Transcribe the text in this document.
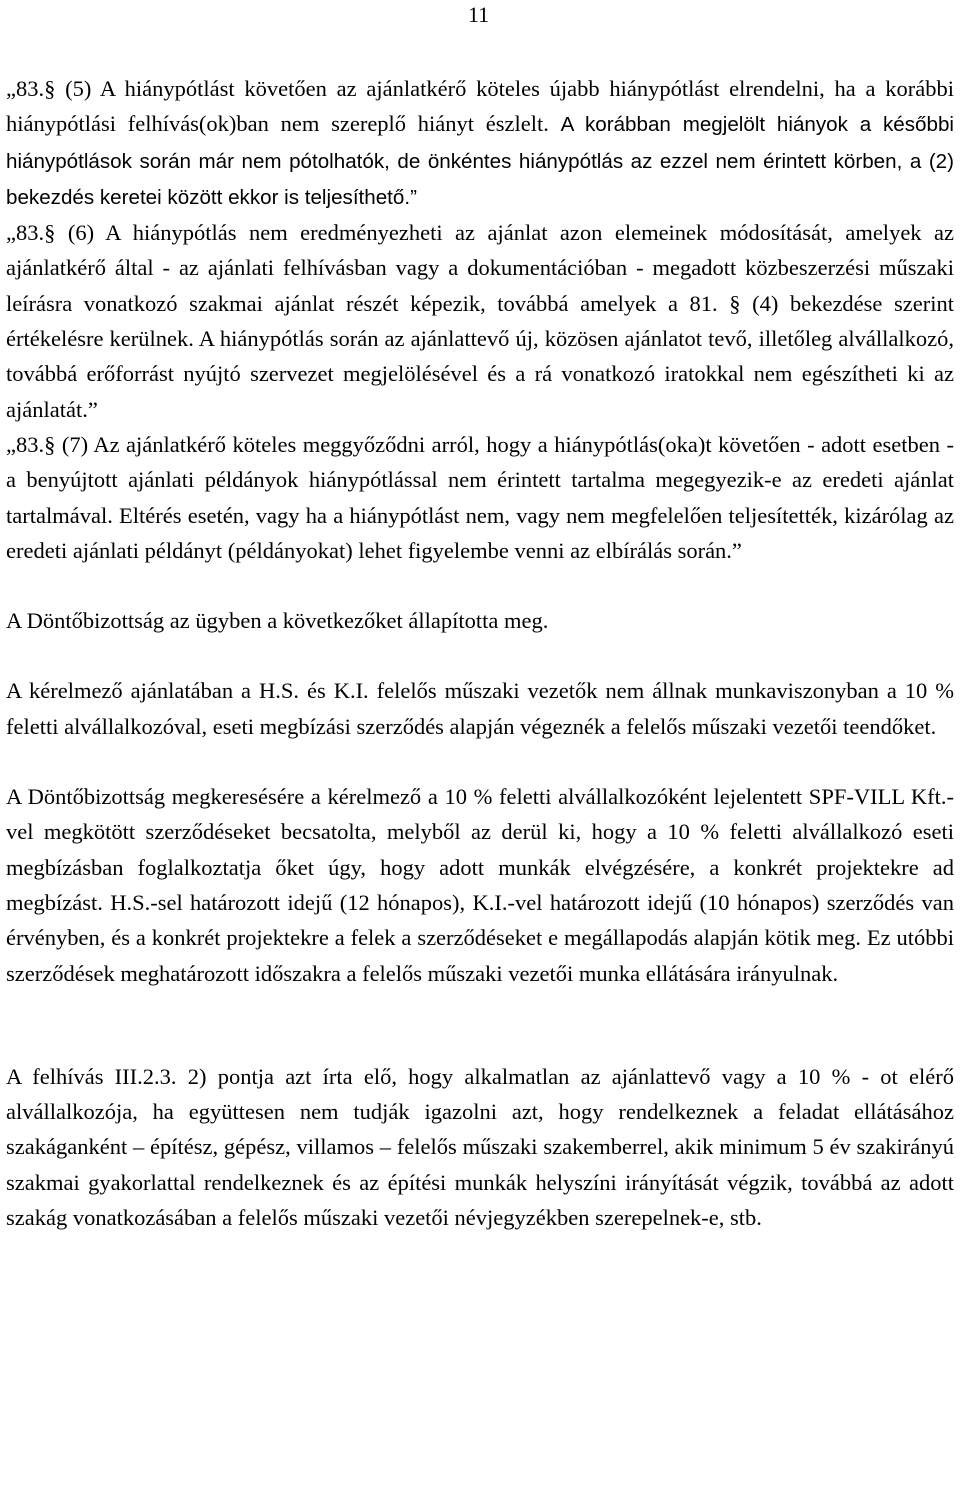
11

„83.§ (5) A hiánypótlást követően az ajánlatkérő köteles újabb hiánypótlást elrendelni, ha a korábbi hiánypótlási felhívás(ok)ban nem szereplő hiányt észlelt. A korábban megjelölt hiányok a későbbi hiánypótlások során már nem pótolhatók, de önkéntes hiánypótlás az ezzel nem érintett körben, a (2) bekezdés keretei között ekkor is teljesíthető.”

„83.§ (6) A hiánypótlás nem eredményezheti az ajánlat azon elemeinek módosítását, amelyek az ajánlatkérő által - az ajánlati felhívásban vagy a dokumentációban - megadott közbeszerzési műszaki leírásra vonatkozó szakmai ajánlat részét képezik, továbbá amelyek a 81. § (4) bekezdése szerint értékelésre kerülnek. A hiánypótlás során az ajánlattevő új, közösen ajánlatot tevő, illetőleg alvállalkozó, továbbá erőforrást nyújtó szervezet megjelölésével és a rá vonatkozó iratokkal nem egészítheti ki az ajánlatát.”

„83.§ (7) Az ajánlatkérő köteles meggyőződni arról, hogy a hiánypótlás(oka)t követően - adott esetben - a benyújtott ajánlati példányok hiánypótlással nem érintett tartalma megegyezik-e az eredeti ajánlat tartalmával. Eltérés esetén, vagy ha a hiánypótlást nem, vagy nem megfelelően teljesítették, kizárólag az eredeti ajánlati példányt (példányokat) lehet figyelembe venni az elbírálás során.”

A Döntőbizottság az ügyben a következőket állapította meg.

A kérelmező ajánlatában a H.S. és K.I. felelős műszaki vezetők nem állnak munkaviszonyban a 10 % feletti alvállalkozóval, eseti megbízási szerződés alapján végeznék a felelős műszaki vezetői teendőket.

A Döntőbizottság megkeresésére a kérelmező a 10 % feletti alvállalkozóként lejelentett SPF-VILL Kft.-vel megkötött szerződéseket becsatolta, melyből az derül ki, hogy a 10 % feletti alvállalkozó eseti megbízásban foglalkoztatja őket úgy, hogy adott munkák elvégzésére, a konkrét projektekre ad megbízást. H.S.-sel határozott idejű (12 hónapos), K.I.-vel határozott idejű (10 hónapos) szerződés van érvényben, és a konkrét projektekre a felek a szerződéseket e megállapodás alapján kötik meg. Ez utóbbi szerződések meghatározott időszakra a felelős műszaki vezetői munka ellátására irányulnak.

A felhívás III.2.3. 2) pontja azt írta elő, hogy alkalmatlan az ajánlattevő vagy a 10 % - ot elérő alvállalkozója, ha együttesen nem tudják igazolni azt, hogy rendelkeznek a feladat ellátásához szakáganként – építész, gépész, villamos – felelős műszaki szakemberrel, akik minimum 5 év szakirányú szakmai gyakorlattal rendelkeznek és az építési munkák helyszíni irányítását végzik, továbbá az adott szakág vonatkozásában a felelős műszaki vezetői névjegyzékben szerepelnek-e, stb.
